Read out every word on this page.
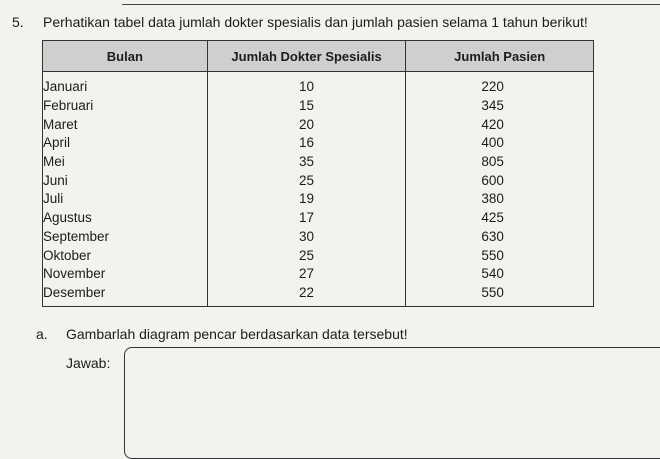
5. Perhatikan tabel data jumlah dokter spesialis dan jumlah pasien selama 1 tahun berikut!
Bulan	Jumlah Dokter Spesialis	Jumlah Pasien
Januari	10	220
Februari	15	345
Maret	20	420
April	16	400
Mei	35	805
Juni	25	600
Juli	19	380
Agustus	17	425
September	30	630
Oktober	25	550
November	27	540
Desember	22	550
a. Gambarlah diagram pencar berdasarkan data tersebut!
Jawab:
